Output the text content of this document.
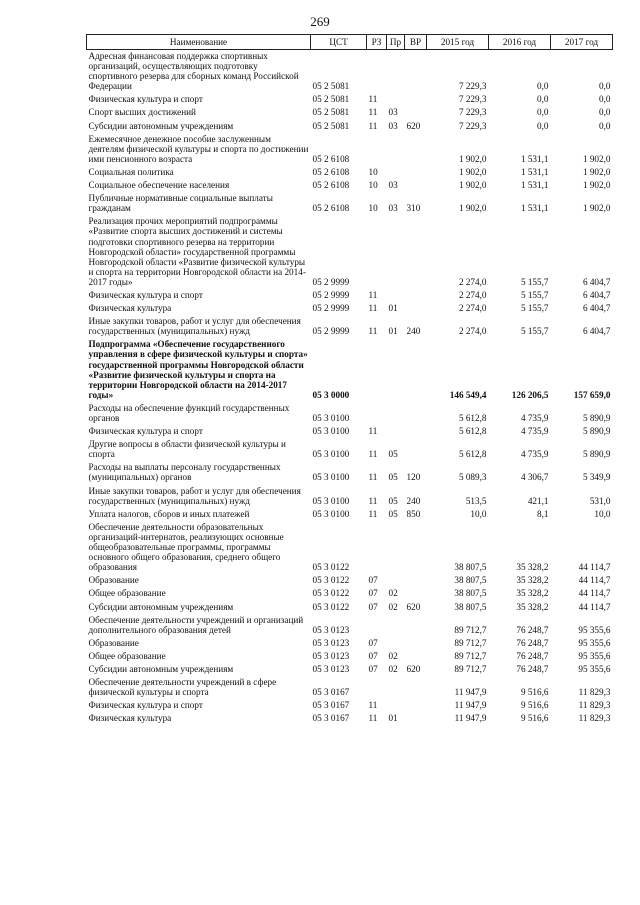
269
Наименование	ЦСТ	РЗ	Пр	ВР	2015 год	2016 год	2017 год
Адресная финансовая поддержка спортивных организаций, осуществляющих подготовку спортивного резерва для сборных команд Российской Федерации	05 2 5081				7 229,3	0,0	0,0
Физическая культура и спорт	05 2 5081	11			7 229,3	0,0	0,0
Спорт высших достижений	05 2 5081	11	03		7 229,3	0,0	0,0
Субсидии автономным учреждениям	05 2 5081	11	03	620	7 229,3	0,0	0,0
Ежемесячное денежное пособие заслуженным деятелям физической культуры и спорта по достижении ими пенсионного возраста	05 2 6108				1 902,0	1 531,1	1 902,0
Социальная политика	05 2 6108	10			1 902,0	1 531,1	1 902,0
Социальное обеспечение населения	05 2 6108	10	03		1 902,0	1 531,1	1 902,0
Публичные нормативные социальные выплаты гражданам	05 2 6108	10	03	310	1 902,0	1 531,1	1 902,0
Реализация прочих мероприятий подпрограммы «Развитие спорта высших достижений и системы подготовки спортивного резерва на территории Новгородской области» государственной программы Новгородской области «Развитие физической культуры и спорта на территории Новгородской области на 2014-2017 годы»	05 2 9999				2 274,0	5 155,7	6 404,7
Физическая культура и спорт	05 2 9999	11			2 274,0	5 155,7	6 404,7
Физическая культура	05 2 9999	11	01		2 274,0	5 155,7	6 404,7
Иные закупки товаров, работ и услуг для обеспечения государственных (муниципальных) нужд	05 2 9999	11	01	240	2 274,0	5 155,7	6 404,7
Подпрограмма «Обеспечение государственного управления в сфере физической культуры и спорта» государственной программы Новгородской области «Развитие физической культуры и спорта на территории Новгородской области на 2014-2017 годы»	05 3 0000				146 549,4	126 206,5	157 659,0
Расходы на обеспечение функций государственных органов	05 3 0100				5 612,8	4 735,9	5 890,9
Физическая культура и спорт	05 3 0100	11			5 612,8	4 735,9	5 890,9
Другие вопросы в области физической культуры и спорта	05 3 0100	11	05		5 612,8	4 735,9	5 890,9
Расходы на выплаты персоналу государственных (муниципальных) органов	05 3 0100	11	05	120	5 089,3	4 306,7	5 349,9
Иные закупки товаров, работ и услуг для обеспечения государственных (муниципальных) нужд	05 3 0100	11	05	240	513,5	421,1	531,0
Уплата налогов, сборов и иных платежей	05 3 0100	11	05	850	10,0	8,1	10,0
Обеспечение деятельности образовательных организаций-интернатов, реализующих основные общеобразовательные программы, программы основного общего образования, среднего общего образования	05 3 0122				38 807,5	35 328,2	44 114,7
Образование	05 3 0122	07			38 807,5	35 328,2	44 114,7
Общее образование	05 3 0122	07	02		38 807,5	35 328,2	44 114,7
Субсидии автономным учреждениям	05 3 0122	07	02	620	38 807,5	35 328,2	44 114,7
Обеспечение деятельности учреждений и организаций дополнительного образования детей	05 3 0123				89 712,7	76 248,7	95 355,6
Образование	05 3 0123	07			89 712,7	76 248,7	95 355,6
Общее образование	05 3 0123	07	02		89 712,7	76 248,7	95 355,6
Субсидии автономным учреждениям	05 3 0123	07	02	620	89 712,7	76 248,7	95 355,6
Обеспечение деятельности учреждений в сфере физической культуры и спорта	05 3 0167				11 947,9	9 516,6	11 829,3
Физическая культура и спорт	05 3 0167	11			11 947,9	9 516,6	11 829,3
Физическая культура	05 3 0167	11	01		11 947,9	9 516,6	11 829,3
